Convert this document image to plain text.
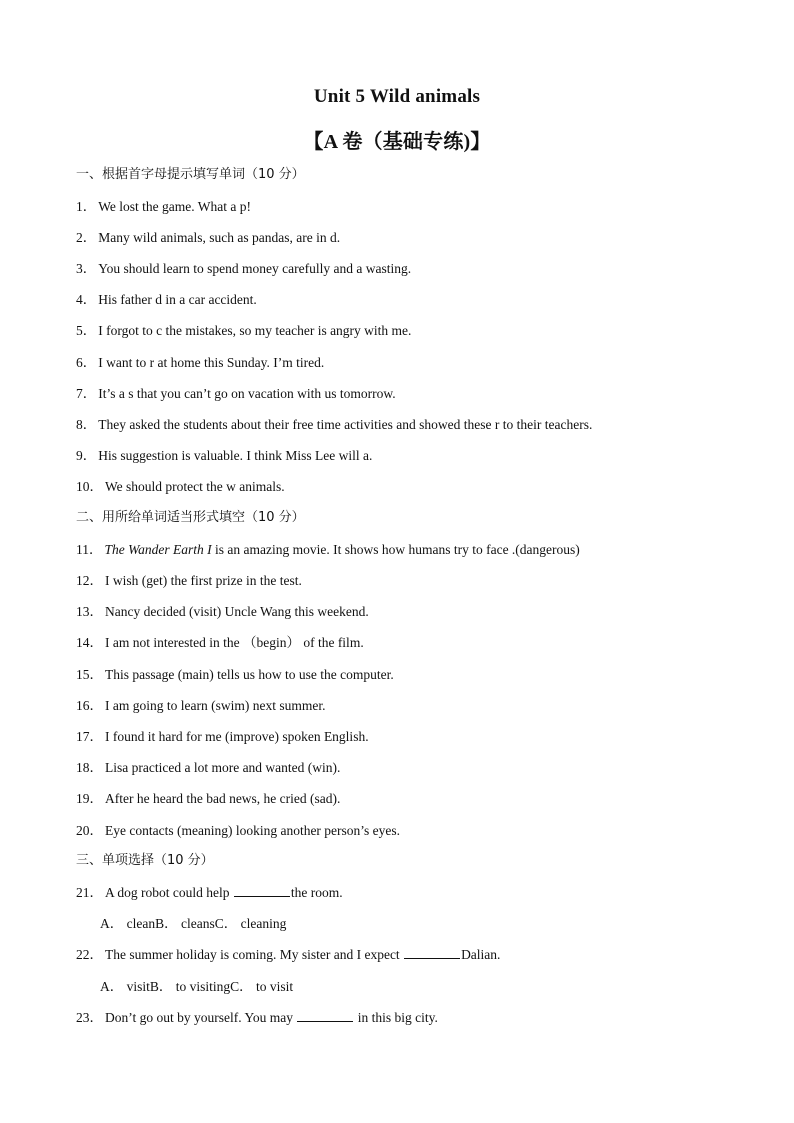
Unit 5 Wild animals
【A 卷（基础专练)】
一、根据首字母提示填写单词（10 分）
1． We lost the game. What a p!
2． Many wild animals, such as pandas, are in d.
3． You should learn to spend money carefully and a wasting.
4． His father d in a car accident.
5． I forgot to c the mistakes, so my teacher is angry with me.
6． I want to r at home this Sunday. I’m tired.
7． It’s a s that you can’t go on vacation with us tomorrow.
8． They asked the students about their free time activities and showed these r to their teachers.
9． His suggestion is valuable. I think Miss Lee will a.
10． We should protect the w animals.
二、用所给单词适当形式填空（10 分）
11． The Wander Earth I is an amazing movie. It shows how humans try to face .(dangerous)
12． I wish (get) the first prize in the test.
13． Nancy decided (visit) Uncle Wang this weekend.
14． I am not interested in the （begin） of the film.
15． This passage (main) tells us how to use the computer.
16． I am going to learn (swim) next summer.
17． I found it hard for me (improve) spoken English.
18． Lisa practiced a lot more and wanted (win).
19． After he heard the bad news, he cried (sad).
20． Eye contacts (meaning) looking another person’s eyes.
三、单项选择（10 分）
21． A dog robot could help	the room.
A． cleanB． cleansC． cleaning
22． The summer holiday is coming. My sister and I expect	Dalian.
A． visitB． to visitingC． to visit
23． Don’t go out by yourself. You may	in this big city.
